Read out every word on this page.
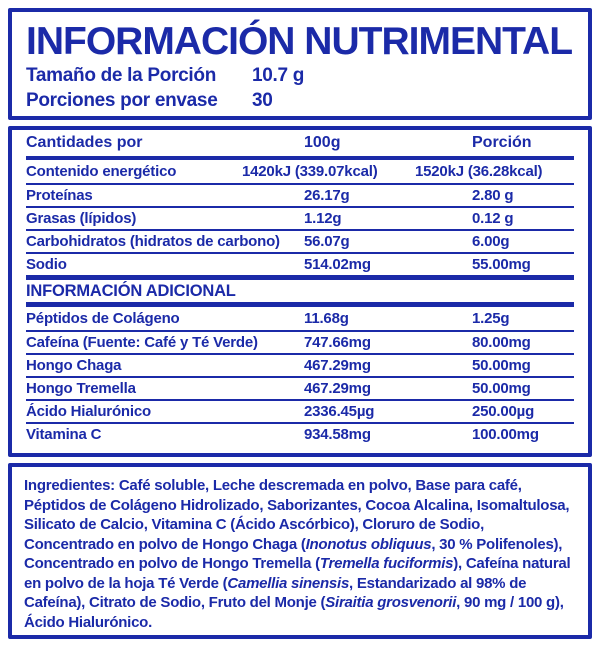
INFORMACIÓN NUTRIMENTAL
Tamaño de la Porción	10.7 g
Porciones por envase	30
Cantidades por	100g	Porción
Contenido energético	1420kJ (339.07kcal)	1520kJ (36.28kcal)
Proteínas	26.17g	2.80 g
Grasas (lípidos)	1.12g	0.12 g
Carbohidratos (hidratos de carbono)	56.07g	6.00g
Sodio	514.02mg	55.00mg
INFORMACIÓN ADICIONAL
Péptidos de Colágeno	11.68g	1.25g
Cafeína (Fuente: Café y Té Verde)	747.66mg	80.00mg
Hongo Chaga	467.29mg	50.00mg
Hongo Tremella	467.29mg	50.00mg
Ácido Hialurónico	2336.45µg	250.00µg
Vitamina C	934.58mg	100.00mg
Ingredientes: Café soluble, Leche descremada en polvo, Base para café, Péptidos de Colágeno Hidrolizado, Saborizantes, Cocoa Alcalina, Isomaltulosa, Silicato de Calcio, Vitamina C (Ácido Ascórbico), Cloruro de Sodio, Concentrado en polvo de Hongo Chaga (Inonotus obliquus, 30 % Polifenoles), Concentrado en polvo de Hongo Tremella (Tremella fuciformis), Cafeína natural en polvo de la hoja Té Verde (Camellia sinensis, Estandarizado al 98% de Cafeína), Citrato de Sodio, Fruto del Monje (Siraitia grosvenorii, 90 mg / 100 g), Ácido Hialurónico.
